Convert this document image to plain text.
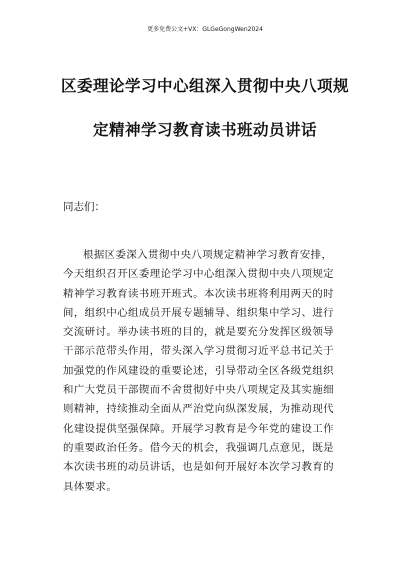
更多免费公文+VX：GLGeGongWen2024
区委理论学习中心组深入贯彻中央八项规
定精神学习教育读书班动员讲话
同志们：
根据区委深入贯彻中央八项规定精神学习教育安排，
今天组织召开区委理论学习中心组深入贯彻中央八项规定
精神学习教育读书班开班式。本次读书班将利用两天的时
间，组织中心组成员开展专题辅导、组织集中学习、进行
交流研讨。举办读书班的目的，就是要充分发挥区级领导
干部示范带头作用，带头深入学习贯彻习近平总书记关于
加强党的作风建设的重要论述，引导带动全区各级党组织
和广大党员干部锲而不舍贯彻好中央八项规定及其实施细
则精神，持续推动全面从严治党向纵深发展，为推动现代
化建设提供坚强保障。开展学习教育是今年党的建设工作
的重要政治任务。借今天的机会，我强调几点意见，既是
本次读书班的动员讲话，也是如何开展好本次学习教育的
具体要求。
